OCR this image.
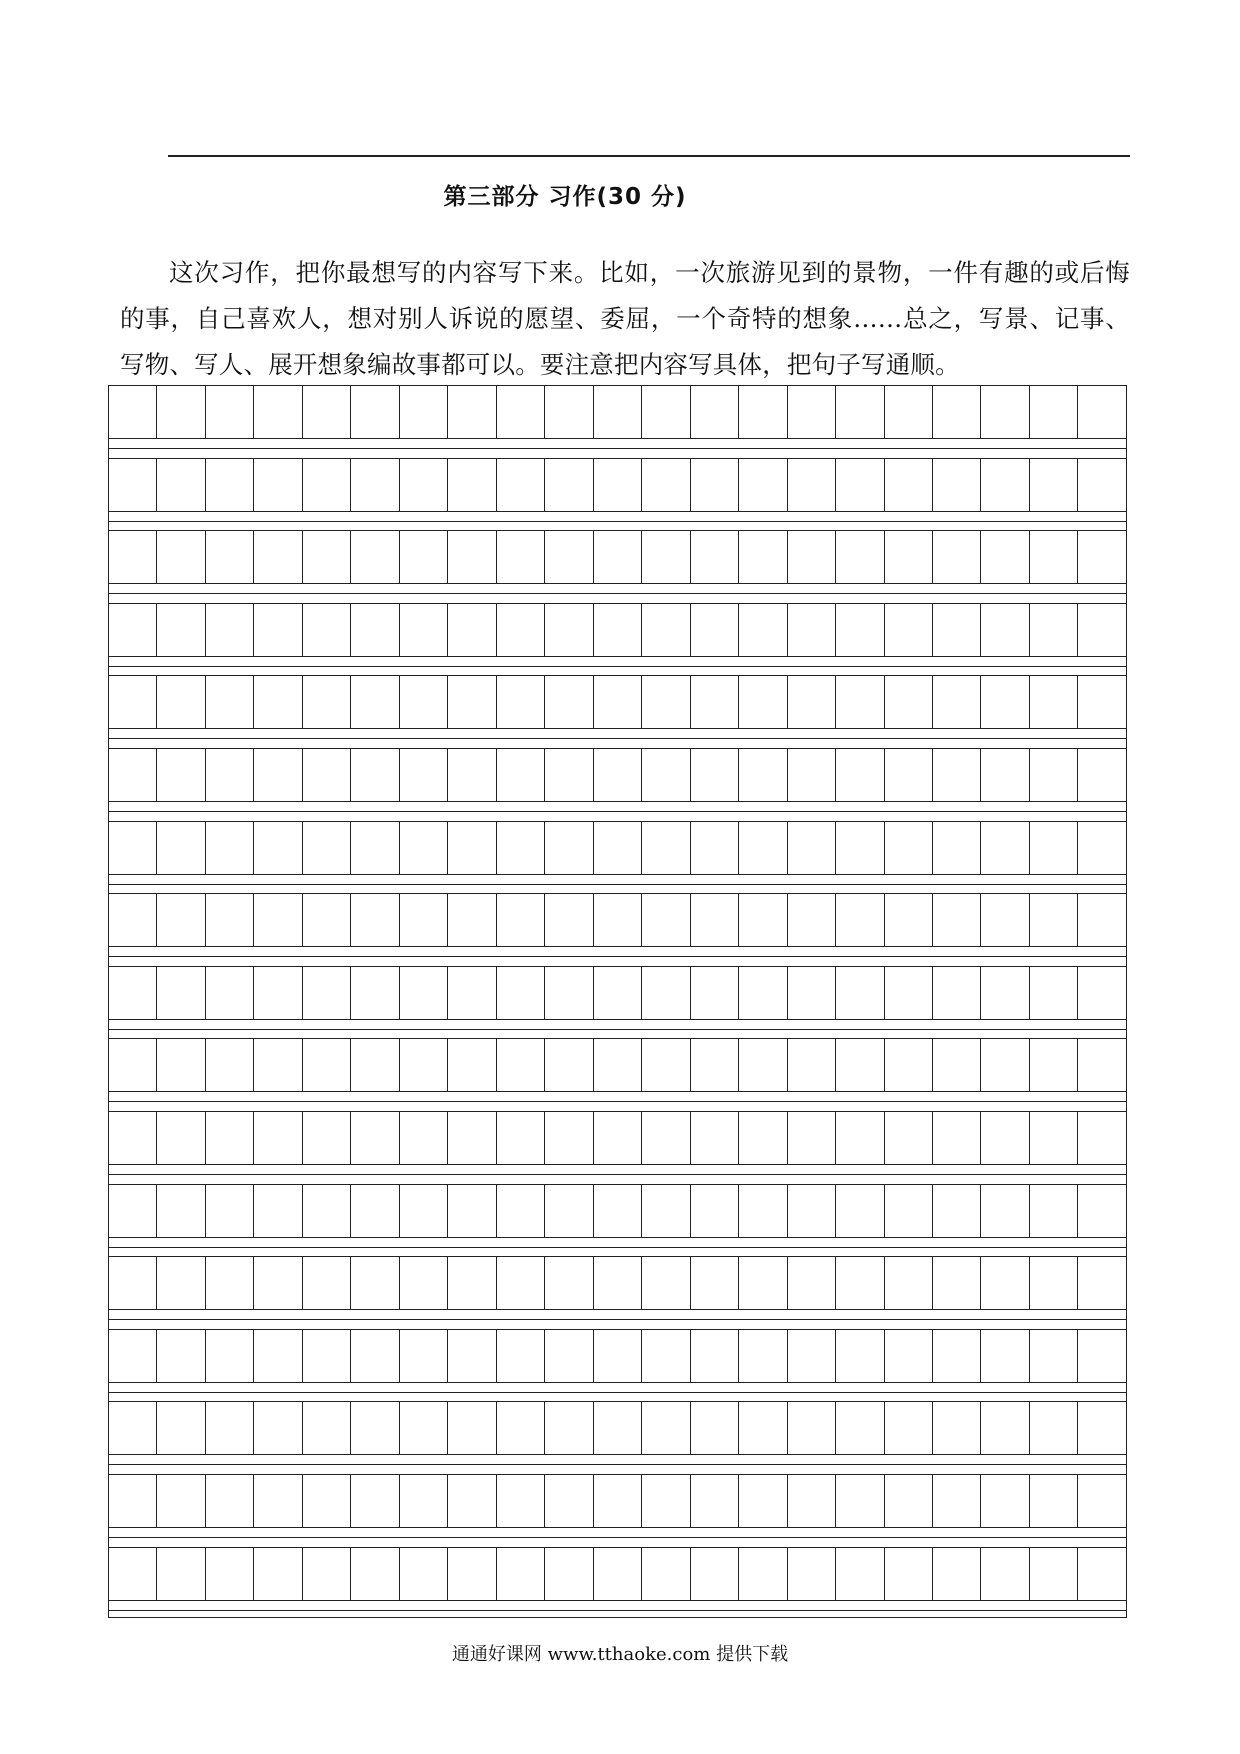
第三部分 习作(30 分)
这次习作，把你最想写的内容写下来。比如，一次旅游见到的景物，一件有趣的或后悔的事，自己喜欢人，想对别人诉说的愿望、委屈，一个奇特的想象……总之，写景、记事、写物、写人、展开想象编故事都可以。要注意把内容写具体，把句子写通顺。
通通好课网 www.tthaoke.com 提供下载
